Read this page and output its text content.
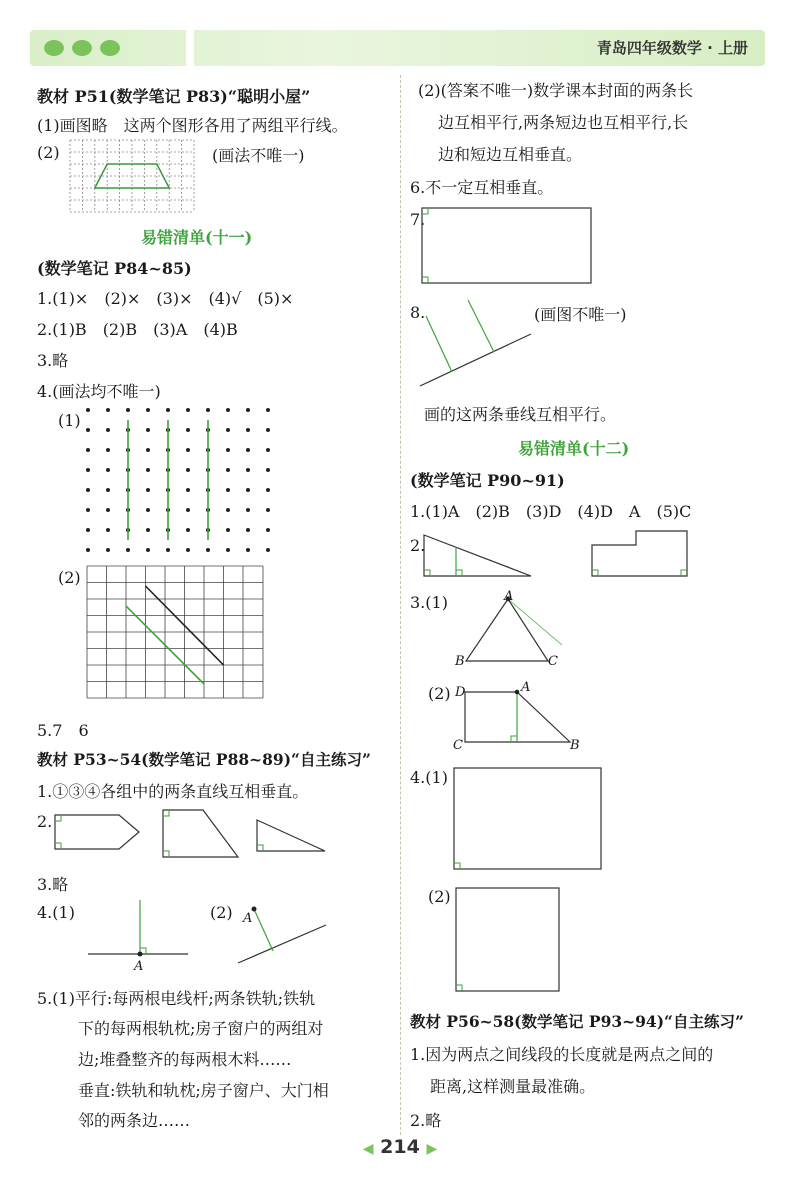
青岛四年级数学 · 上册
教材 P51(数学笔记 P83)“聪明小屋”
(1)画图略　这两个图形各用了两组平行线。
(2)	(画法不唯一)
易错清单(十一)
(数学笔记 P84~85)
1.(1)×　(2)×　(3)×　(4)√　(5)×
2.(1)B　(2)B　(3)A　(4)B
3.略
4.(画法均不唯一)
(1)
(2)
5.7　6
教材 P53~54(数学笔记 P88~89)“自主练习”
1.①③④各组中的两条直线互相垂直。
2.
3.略
4.(1)
A
(2) A
5.(1)平行:每两根电线杆;两条铁轨;铁轨
下的每两根轨枕;房子窗户的两组对
边;堆叠整齐的每两根木料……
垂直:铁轨和轨枕;房子窗户、大门相
邻的两条边……
(2)(答案不唯一)数学课本封面的两条长
边互相平行,两条短边也互相平行,长
边和短边互相垂直。
6.不一定互相垂直。
7.
8.	(画图不唯一)
画的这两条垂线互相平行。
易错清单(十二)
(数学笔记 P90~91)
1.(1)A　(2)B　(3)D　(4)D　A　(5)C
2.
3.(1)	A
B	C
(2) D	A
C	B
4.(1)
(2)
教材 P56~58(数学笔记 P93~94)“自主练习”
1.因为两点之间线段的长度就是两点之间的
距离,这样测量最准确。
2.略
◀ 214 ▶
